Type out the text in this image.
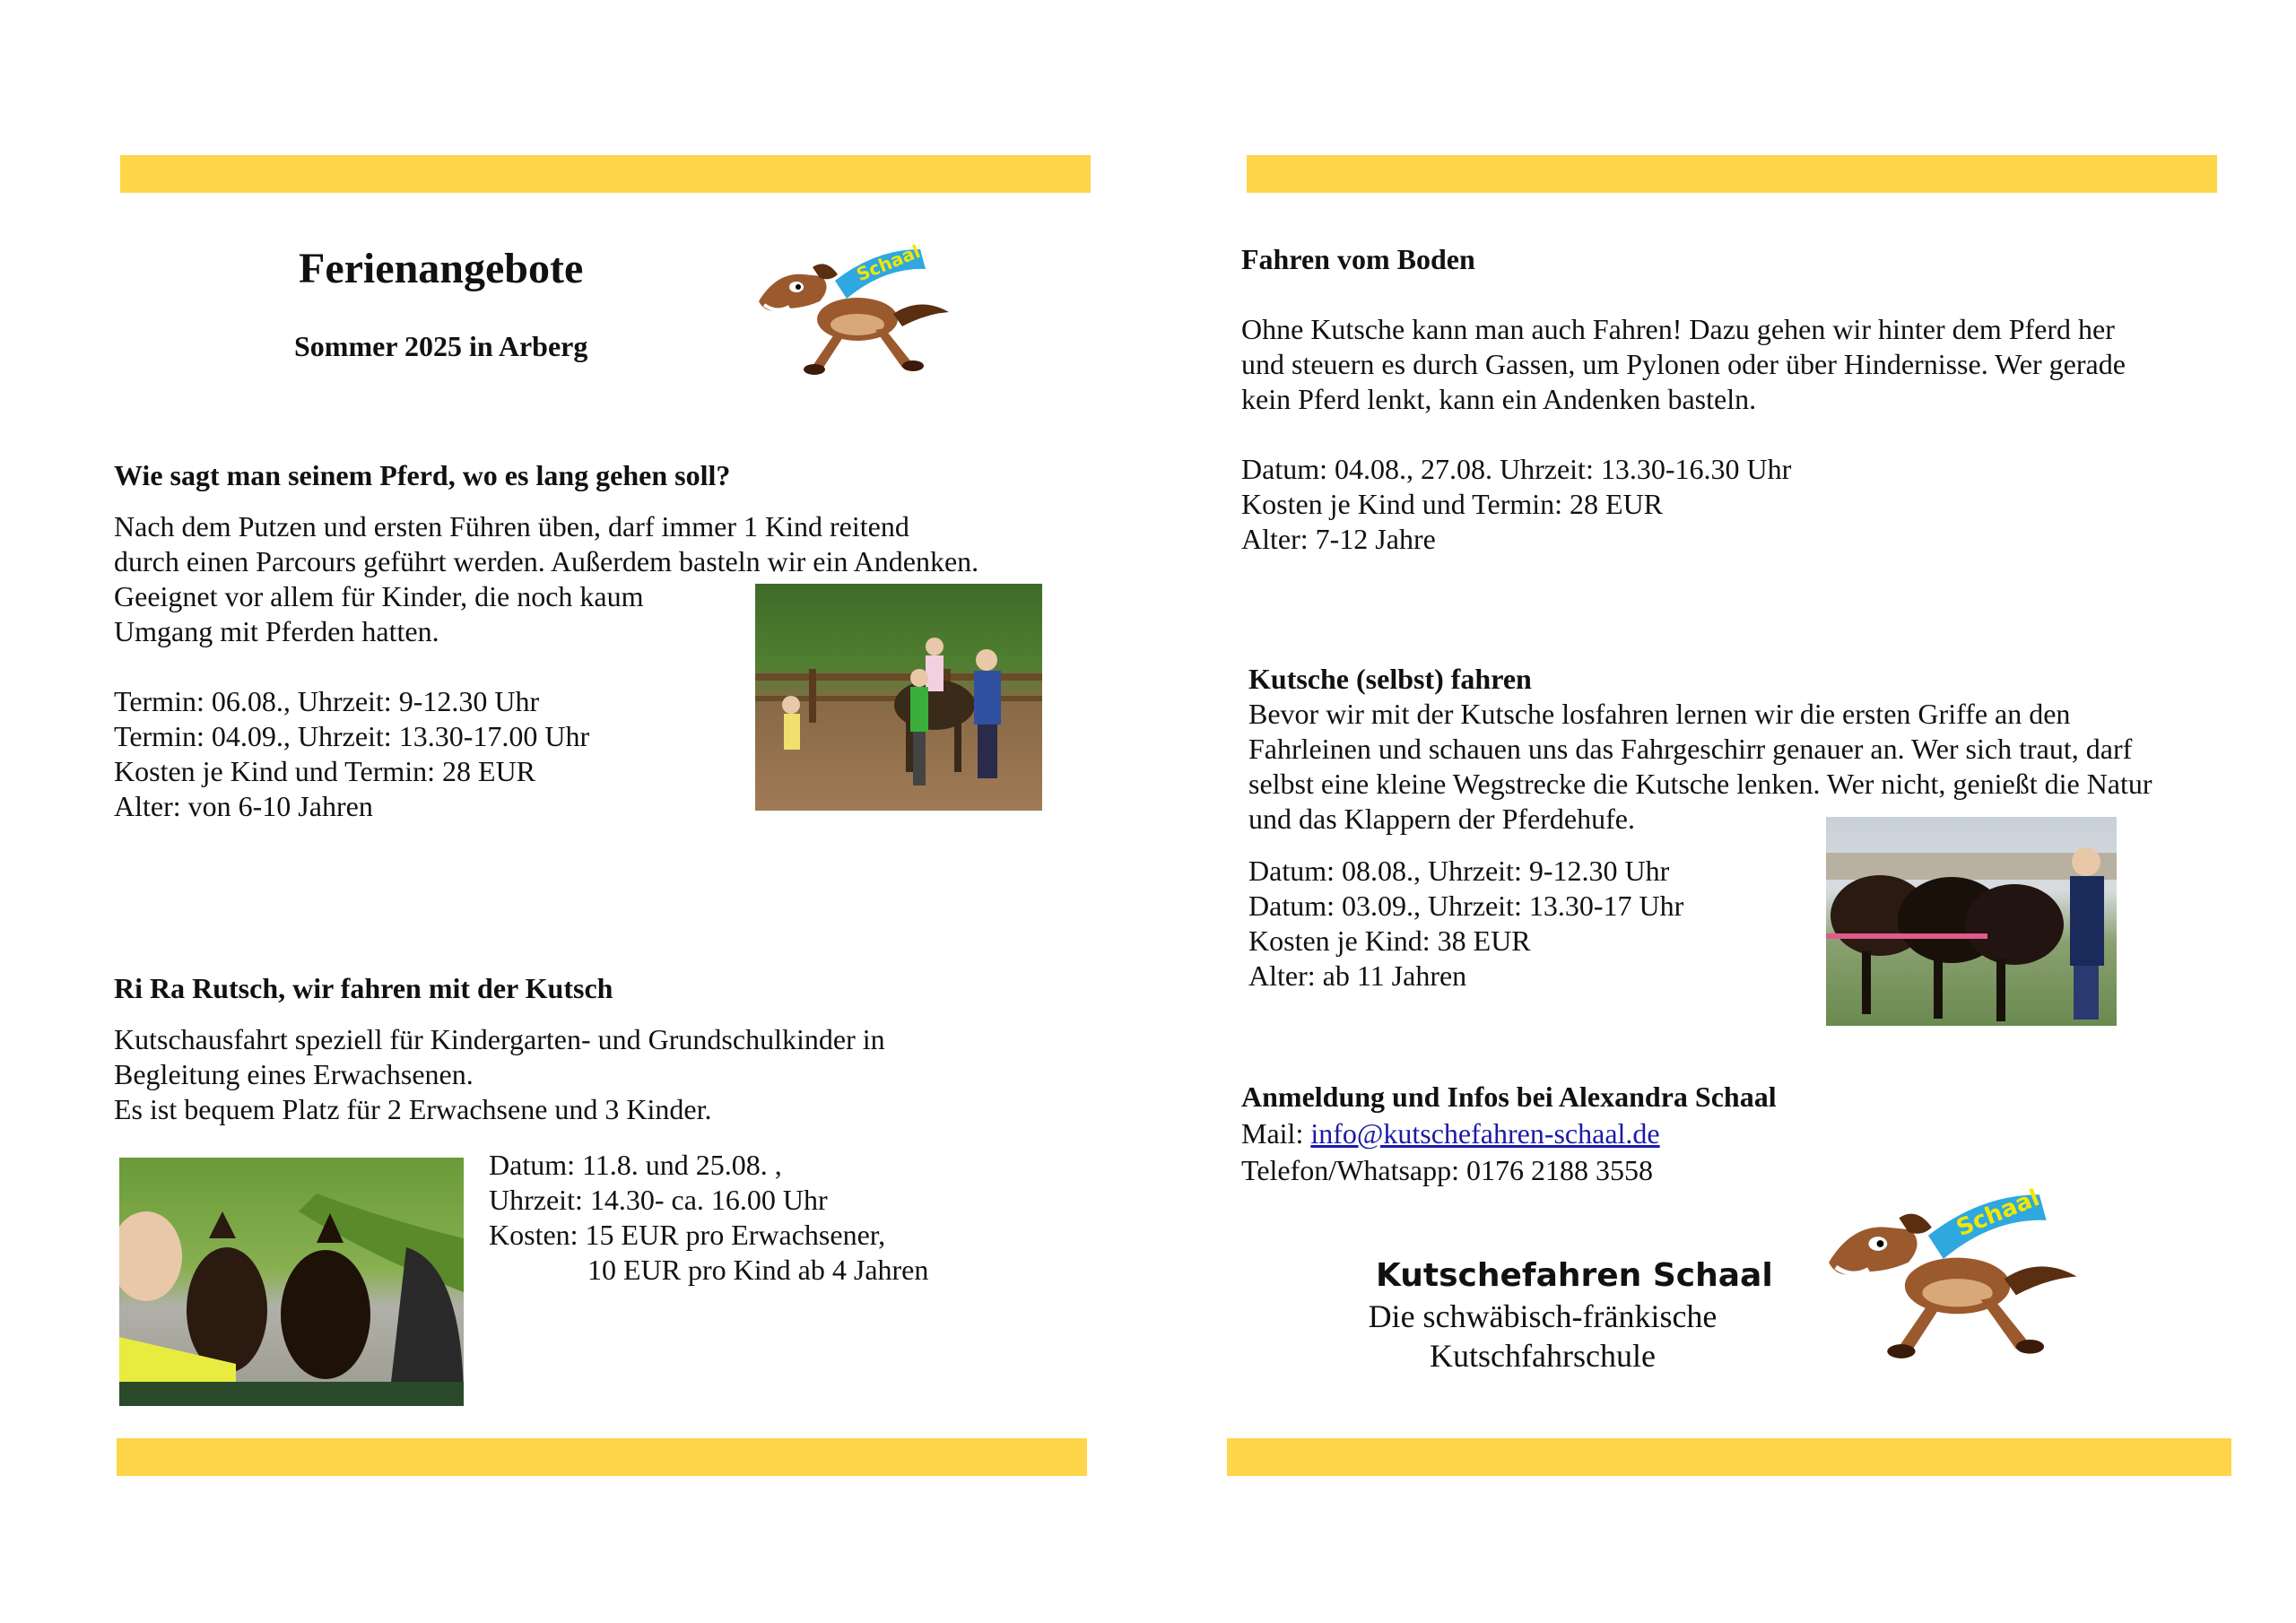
Ferienangebote
Sommer 2025 in Arberg
Schaal
Wie sagt man seinem Pferd, wo es lang gehen soll?
Nach dem Putzen und ersten Führen üben, darf immer 1 Kind reitend
durch einen Parcours geführt werden. Außerdem basteln wir ein Andenken.
Geeignet vor allem für Kinder, die noch kaum
Umgang mit Pferden hatten.
Termin: 06.08., Uhrzeit: 9-12.30 Uhr
Termin: 04.09., Uhrzeit: 13.30-17.00 Uhr
Kosten je Kind und Termin: 28 EUR
Alter: von 6-10 Jahren
Ri Ra Rutsch, wir fahren mit der Kutsch
Kutschausfahrt speziell für Kindergarten- und Grundschulkinder in
Begleitung eines Erwachsenen.
Es ist bequem Platz für 2 Erwachsene und 3 Kinder.
Datum: 11.8. und 25.08. ,
Uhrzeit: 14.30- ca. 16.00 Uhr
Kosten: 15 EUR pro Erwachsener,
10 EUR pro Kind ab 4 Jahren
Fahren vom Boden
Ohne Kutsche kann man auch Fahren! Dazu gehen wir hinter dem Pferd her
und steuern es durch Gassen, um Pylonen oder über Hindernisse. Wer gerade
kein Pferd lenkt, kann ein Andenken basteln.
Datum: 04.08., 27.08. Uhrzeit: 13.30-16.30 Uhr
Kosten je Kind und Termin: 28 EUR
Alter: 7-12 Jahre
Kutsche (selbst) fahren
Bevor wir mit der Kutsche losfahren lernen wir die ersten Griffe an den
Fahrleinen und schauen uns das Fahrgeschirr genauer an. Wer sich traut, darf
selbst eine kleine Wegstrecke die Kutsche lenken. Wer nicht, genießt die Natur
und das Klappern der Pferdehufe.
Datum: 08.08., Uhrzeit: 9-12.30 Uhr
Datum: 03.09., Uhrzeit: 13.30-17 Uhr
Kosten je Kind: 38 EUR
Alter: ab 11 Jahren
Anmeldung und Infos bei Alexandra Schaal
Mail: info@kutschefahren-schaal.de
Telefon/Whatsapp: 0176 2188 3558
Kutschefahren Schaal
Die schwäbisch-fränkische
Kutschfahrschule
Schaal
